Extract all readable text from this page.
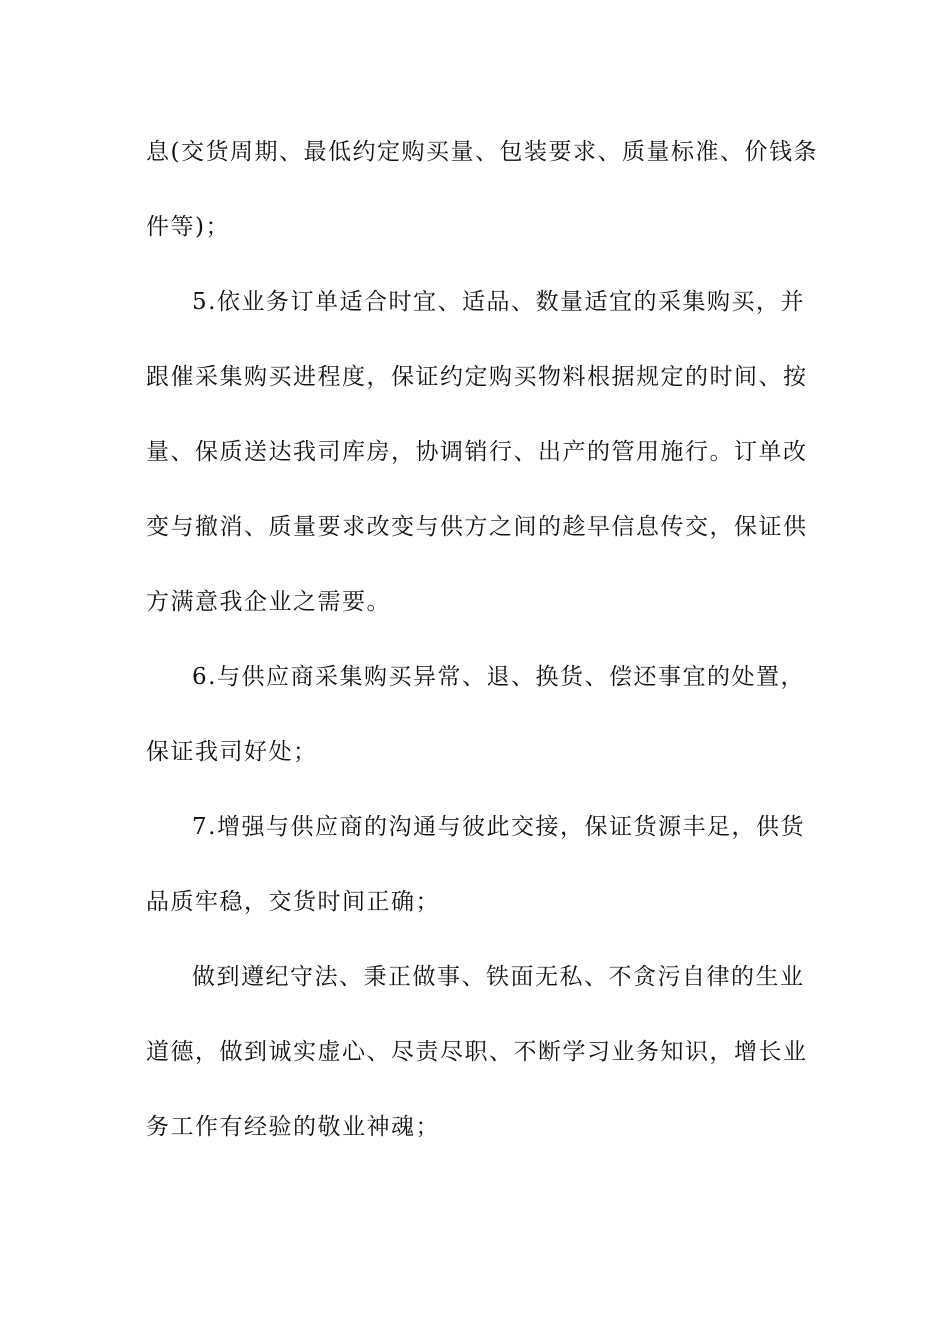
息(交货周期、最低约定购买量、包装要求、质量标准、价钱条
件等)；
5.依业务订单适合时宜、适品、数量适宜的采集购买，并
跟催采集购买进程度，保证约定购买物料根据规定的时间、按
量、保质送达我司库房，协调销行、出产的管用施行。订单改
变与撤消、质量要求改变与供方之间的趁早信息传交，保证供
方满意我企业之需要。
6.与供应商采集购买异常、退、换货、偿还事宜的处置，
保证我司好处；
7.增强与供应商的沟通与彼此交接，保证货源丰足，供货
品质牢稳，交货时间正确；
做到遵纪守法、秉正做事、铁面无私、不贪污自律的生业
道德，做到诚实虚心、尽责尽职、不断学习业务知识，增长业
务工作有经验的敬业神魂；
